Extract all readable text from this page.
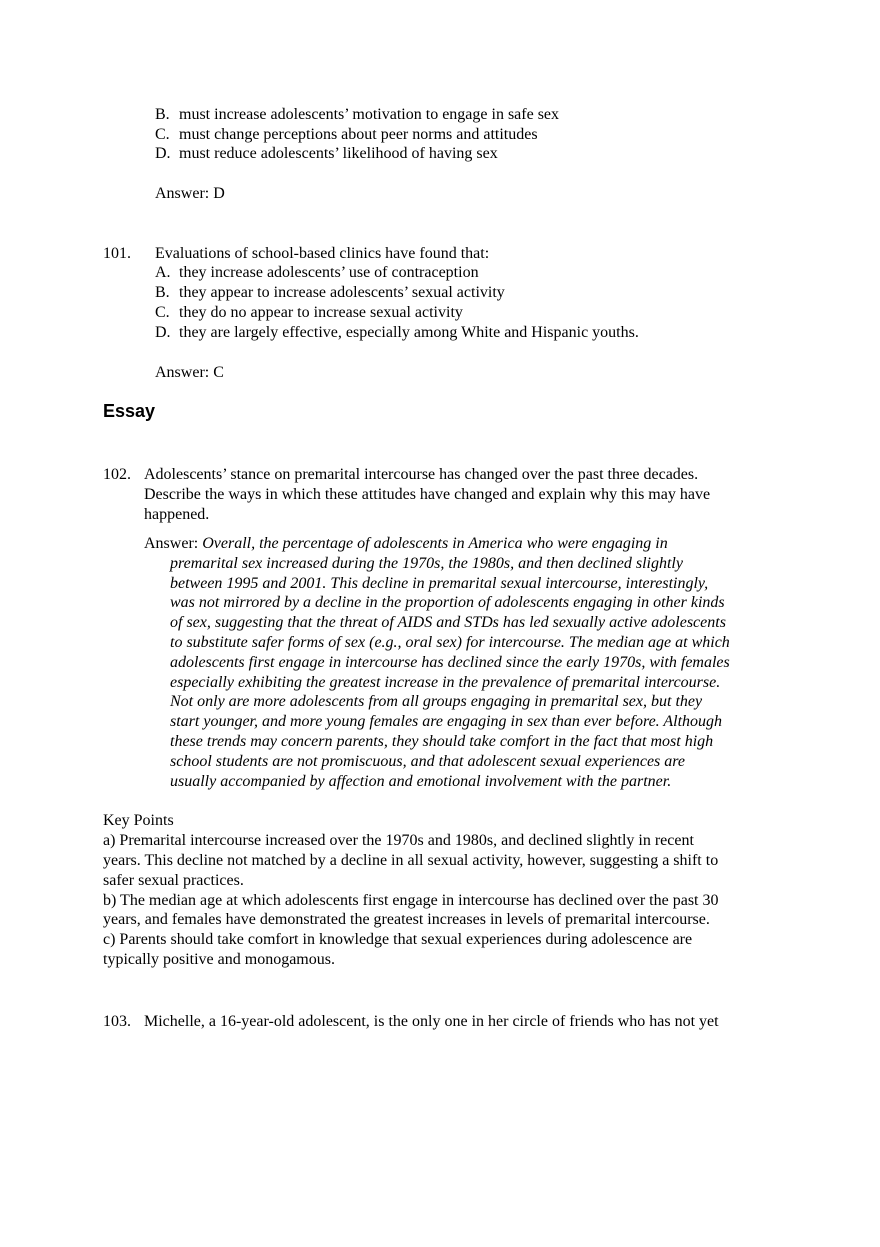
B. must increase adolescents’ motivation to engage in safe sex
C. must change perceptions about peer norms and attitudes
D. must reduce adolescents’ likelihood of having sex
Answer: D
101. Evaluations of school-based clinics have found that:
A. they increase adolescents’ use of contraception
B. they appear to increase adolescents’ sexual activity
C. they do no appear to increase sexual activity
D. they are largely effective, especially among White and Hispanic youths.
Answer: C
Essay
102. Adolescents’ stance on premarital intercourse has changed over the past three decades.
Describe the ways in which these attitudes have changed and explain why this may have
happened.
Answer: Overall, the percentage of adolescents in America who were engaging in
premarital sex increased during the 1970s, the 1980s, and then declined slightly
between 1995 and 2001. This decline in premarital sexual intercourse, interestingly,
was not mirrored by a decline in the proportion of adolescents engaging in other kinds
of sex, suggesting that the threat of AIDS and STDs has led sexually active adolescents
to substitute safer forms of sex (e.g., oral sex) for intercourse. The median age at which
adolescents first engage in intercourse has declined since the early 1970s, with females
especially exhibiting the greatest increase in the prevalence of premarital intercourse.
Not only are more adolescents from all groups engaging in premarital sex, but they
start younger, and more young females are engaging in sex than ever before. Although
these trends may concern parents, they should take comfort in the fact that most high
school students are not promiscuous, and that adolescent sexual experiences are
usually accompanied by affection and emotional involvement with the partner.
Key Points
a) Premarital intercourse increased over the 1970s and 1980s, and declined slightly in recent
years. This decline not matched by a decline in all sexual activity, however, suggesting a shift to
safer sexual practices.
b) The median age at which adolescents first engage in intercourse has declined over the past 30
years, and females have demonstrated the greatest increases in levels of premarital intercourse.
c) Parents should take comfort in knowledge that sexual experiences during adolescence are
typically positive and monogamous.
103. Michelle, a 16-year-old adolescent, is the only one in her circle of friends who has not yet
